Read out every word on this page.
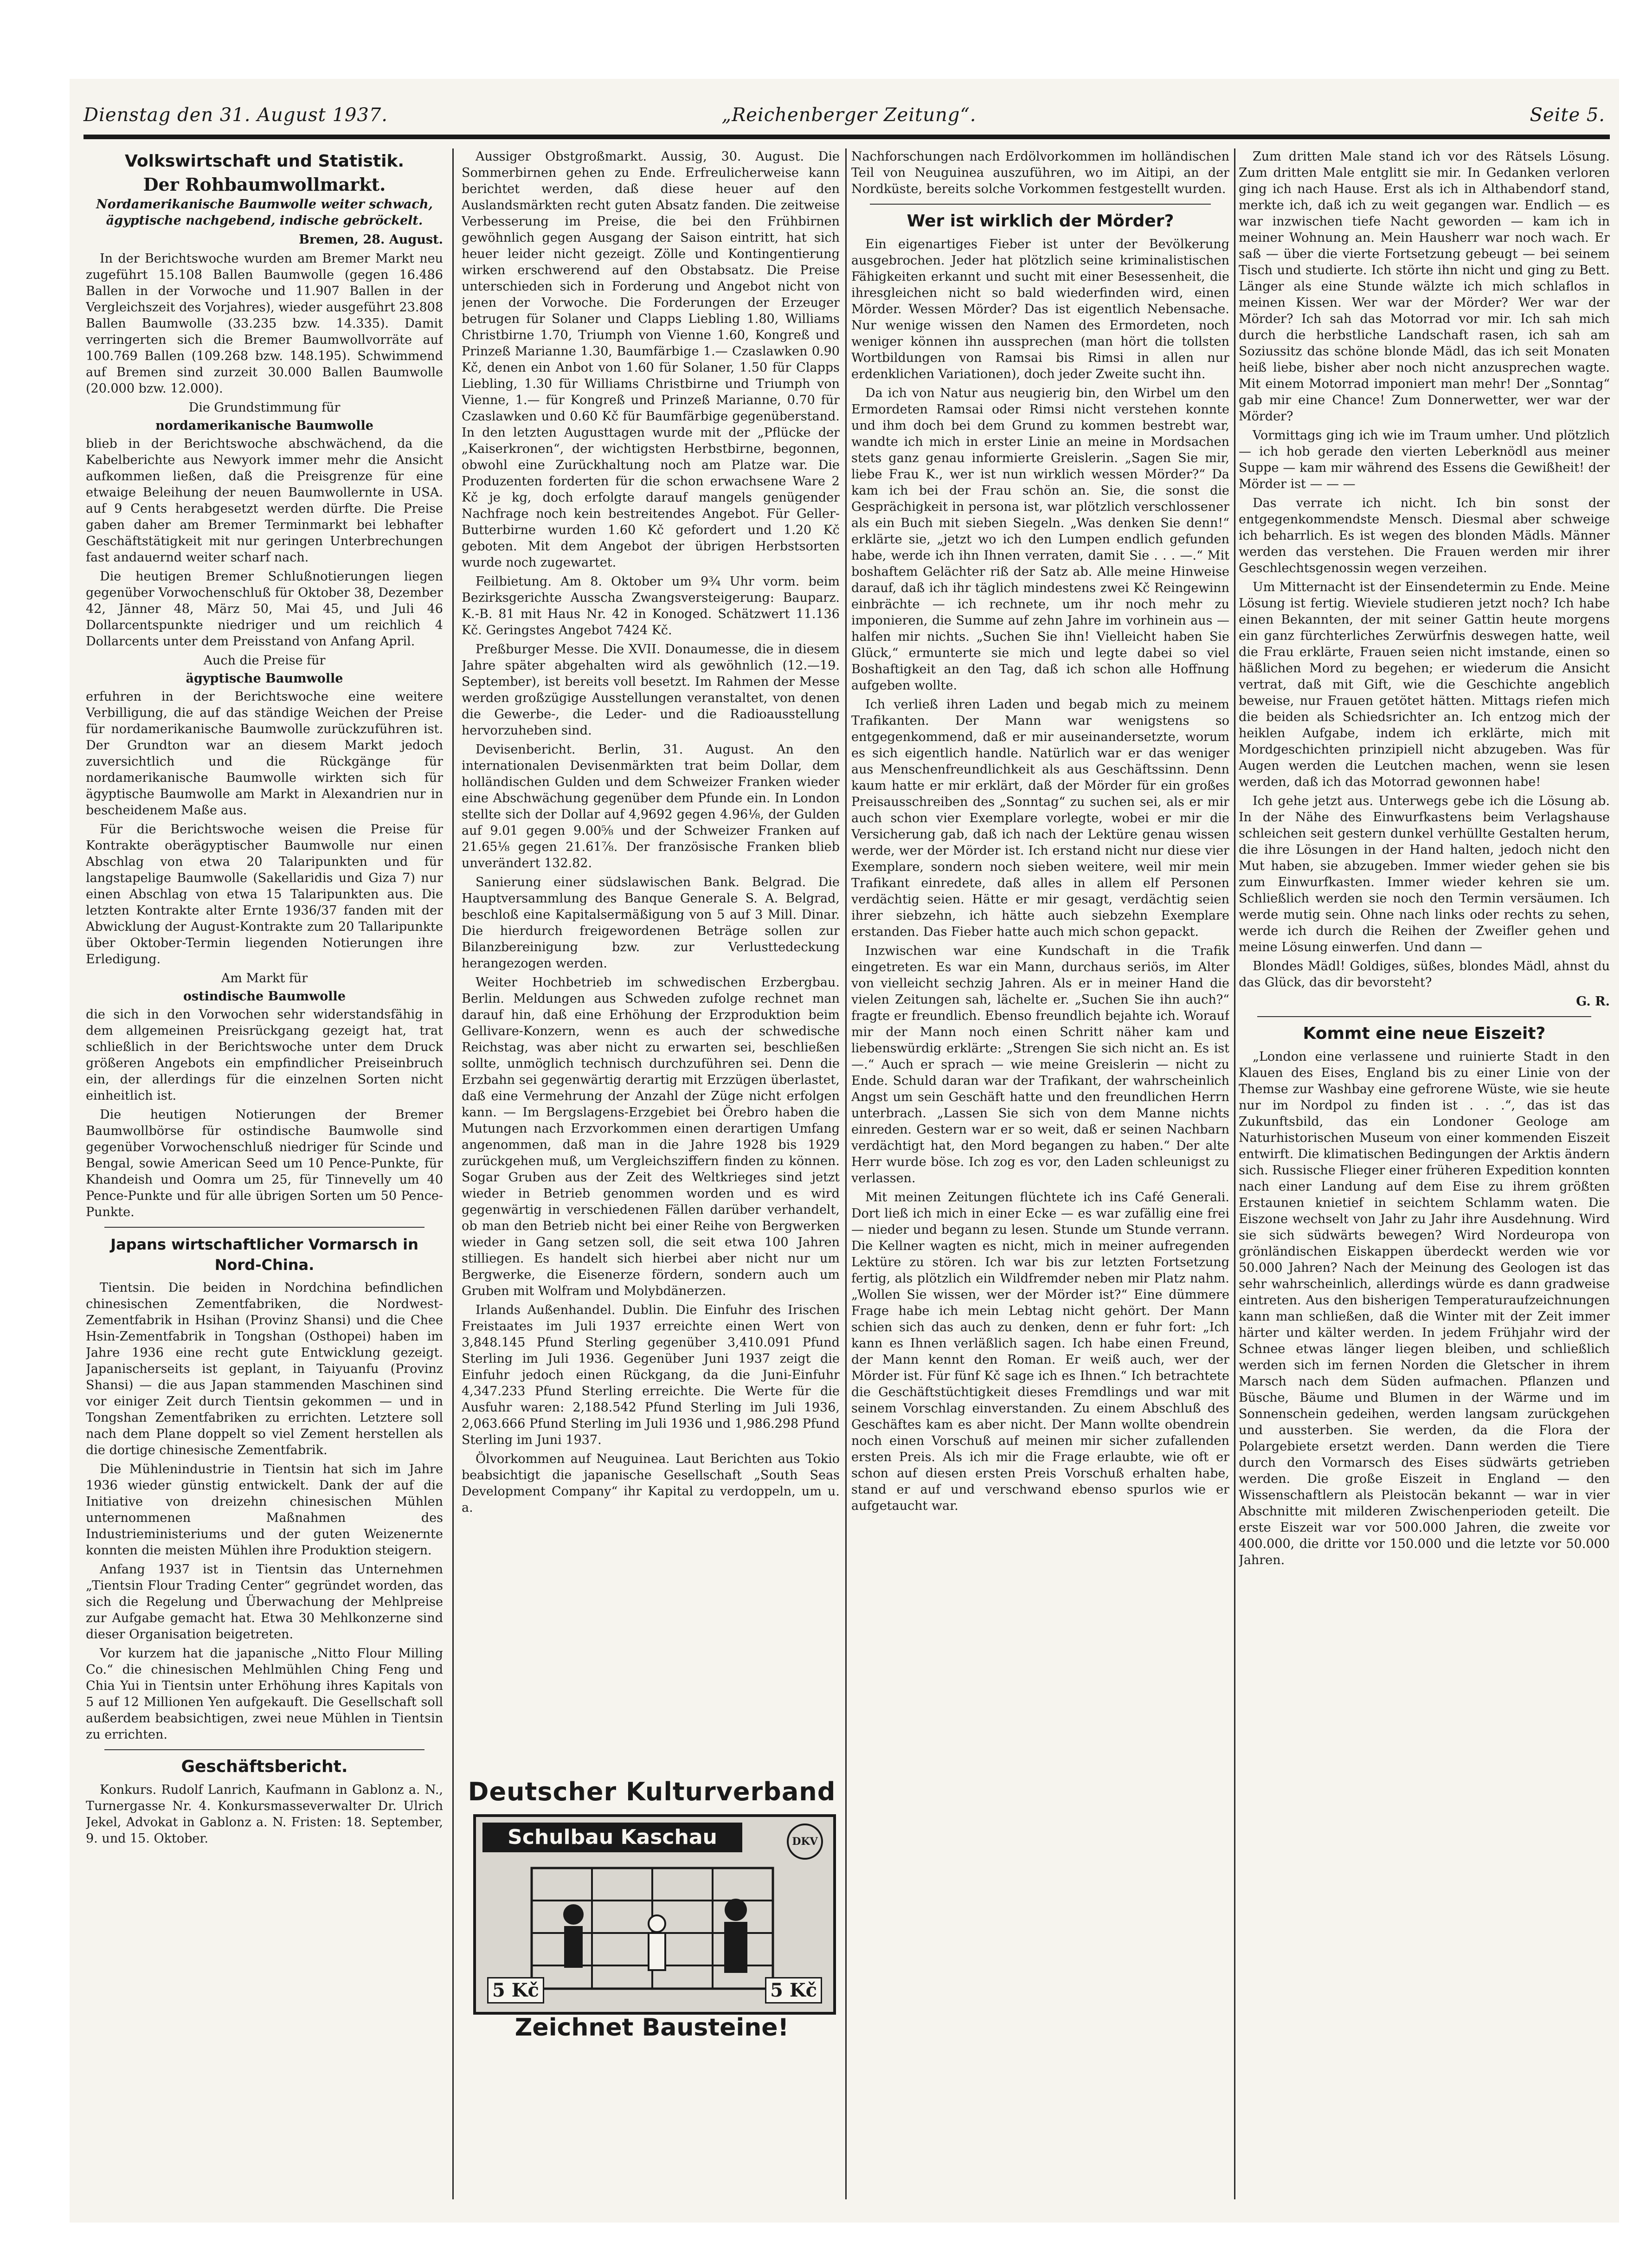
Dienstag den 31. August 1937.	„Reichenberger Zeitung“.	Seite 5.
Volkswirtschaft und Statistik.
Der Rohbaumwollmarkt.
Nordamerikanische Baumwolle weiter schwach, ägyptische nachgebend, indische gebröckelt.
Bremen, 28. August.

In der Berichtswoche wurden am Bremer Markt neu zugeführt 15.108 Ballen Baumwolle (gegen 16.486 Ballen in der Vorwoche und 11.907 Ballen in der Vergleichszeit des Vorjahres), wieder ausgeführt 23.808 Ballen Baumwolle (33.235 bzw. 14.335). Damit verringerten sich die Bremer Baumwollvorräte auf 100.769 Ballen (109.268 bzw. 148.195). Schwimmend auf Bremen sind zurzeit 30.000 Ballen Baumwolle (20.000 bzw. 12.000).

Die Grundstimmung für
nordamerikanische Baumwolle

blieb in der Berichtswoche abschwächend, da die Kabelberichte aus Newyork immer mehr die Ansicht aufkommen ließen, daß die Preisgrenze für eine etwaige Beleihung der neuen Baumwollernte in USA. auf 9 Cents herabgesetzt werden dürfte. Die Preise gaben daher am Bremer Terminmarkt bei lebhafter Geschäftstätigkeit mit nur geringen Unterbrechungen fast andauernd weiter scharf nach.

Die heutigen Bremer Schlußnotierungen liegen gegenüber Vorwochenschluß für Oktober 38, Dezember 42, Jänner 48, März 50, Mai 45, und Juli 46 Dollarcentspunkte niedriger und um reichlich 4 Dollarcents unter dem Preisstand von Anfang April.

Auch die Preise für
ägyptische Baumwolle

erfuhren in der Berichtswoche eine weitere Verbilligung, die auf das ständige Weichen der Preise für nordamerikanische Baumwolle zurückzuführen ist. Der Grundton war an diesem Markt jedoch zuversichtlich und die Rückgänge für nordamerikanische Baumwolle wirkten sich für ägyptische Baumwolle am Markt in Alexandrien nur in bescheidenem Maße aus.

Für die Berichtswoche weisen die Preise für Kontrakte oberägyptischer Baumwolle nur einen Abschlag von etwa 20 Talaripunkten und für langstapelige Baumwolle (Sakellaridis und Giza 7) nur einen Abschlag von etwa 15 Talaripunkten aus. Die letzten Kontrakte alter Ernte 1936/37 fanden mit der Abwicklung der August-Kontrakte zum 20 Tallaripunkte über Oktober-Termin liegenden Notierungen ihre Erledigung.

Am Markt für
ostindische Baumwolle

die sich in den Vorwochen sehr widerstandsfähig in dem allgemeinen Preisrückgang gezeigt hat, trat schließlich in der Berichtswoche unter dem Druck größeren Angebots ein empfindlicher Preiseinbruch ein, der allerdings für die einzelnen Sorten nicht einheitlich ist.

Die heutigen Notierungen der Bremer Baumwollbörse für ostindische Baumwolle sind gegenüber Vorwochenschluß niedriger für Scinde und Bengal, sowie American Seed um 10 Pence-Punkte, für Khandeish und Oomra um 25, für Tinnevelly um 40 Pence-Punkte und für alle übrigen Sorten um 50 Pence-Punkte.

Japans wirtschaftlicher Vormarsch in Nord-China.

Tientsin. Die beiden in Nordchina befindlichen chinesischen Zementfabriken, die Nordwest-Zementfabrik in Hsihan (Provinz Shansi) und die Chee Hsin-Zementfabrik in Tongshan (Osthopei) haben im Jahre 1936 eine recht gute Entwicklung gezeigt. Japanischerseits ist geplant, in Taiyuanfu (Provinz Shansi) — die aus Japan stammenden Maschinen sind vor einiger Zeit durch Tientsin gekommen — und in Tongshan Zementfabriken zu errichten. Letztere soll nach dem Plane doppelt so viel Zement herstellen als die dortige chinesische Zementfabrik.

Die Mühlenindustrie in Tientsin hat sich im Jahre 1936 wieder günstig entwickelt. Dank der auf die Initiative von dreizehn chinesischen Mühlen unternommenen Maßnahmen des Industrieministeriums und der guten Weizenernte konnten die meisten Mühlen ihre Produktion steigern.

Anfang 1937 ist in Tientsin das Unternehmen „Tientsin Flour Trading Center“ gegründet worden, das sich die Regelung und Überwachung der Mehlpreise zur Aufgabe gemacht hat. Etwa 30 Mehlkonzerne sind dieser Organisation beigetreten.

Vor kurzem hat die japanische „Nitto Flour Milling Co.“ die chinesischen Mehlmühlen Ching Feng und Chia Yui in Tientsin unter Erhöhung ihres Kapitals von 5 auf 12 Millionen Yen aufgekauft. Die Gesellschaft soll außerdem beabsichtigen, zwei neue Mühlen in Tientsin zu errichten.

Geschäftsbericht.

Konkurs. Rudolf Lanrich, Kaufmann in Gablonz a. N., Turnergasse Nr. 4. Konkursmasseverwalter Dr. Ulrich Jekel, Advokat in Gablonz a. N. Fristen: 18. September, 9. und 15. Oktober.

Aussiger Obstgroßmarkt. Aussig, 30. August. Die Sommerbirnen gehen zu Ende. Erfreulicherweise kann berichtet werden, daß diese heuer auf den Auslandsmärkten recht guten Absatz fanden. Die zeitweise Verbesserung im Preise, die bei den Frühbirnen gewöhnlich gegen Ausgang der Saison eintritt, hat sich heuer leider nicht gezeigt. Zölle und Kontingentierung wirken erschwerend auf den Obstabsatz. Die Preise unterschieden sich in Forderung und Angebot nicht von jenen der Vorwoche. Die Forderungen der Erzeuger betrugen für Solaner und Clapps Liebling 1.80, Williams Christbirne 1.70, Triumph von Vienne 1.60, Kongreß und Prinzeß Marianne 1.30, Baumfärbige 1.— Czaslawken 0.90 Kč, denen ein Anbot von 1.60 für Solaner, 1.50 für Clapps Liebling, 1.30 für Williams Christbirne und Triumph von Vienne, 1.— für Kongreß und Prinzeß Marianne, 0.70 für Czaslawken und 0.60 Kč für Baumfärbige gegenüberstand. In den letzten Augusttagen wurde mit der „Pflücke der „Kaiserkronen“, der wichtigsten Herbstbirne, begonnen, obwohl eine Zurückhaltung noch am Platze war. Die Produzenten forderten für die schon erwachsene Ware 2 Kč je kg, doch erfolgte darauf mangels genügender Nachfrage noch kein bestreitendes Angebot. Für Geller-Butterbirne wurden 1.60 Kč gefordert und 1.20 Kč geboten. Mit dem Angebot der übrigen Herbstsorten wurde noch zugewartet.

Feilbietung. Am 8. Oktober um 9¾ Uhr vorm. beim Bezirksgerichte Ausscha Zwangsversteigerung: Bauparz. K.-B. 81 mit Haus Nr. 42 in Konoged. Schätzwert 11.136 Kč. Geringstes Angebot 7424 Kč.

Preßburger Messe. Die XVII. Donaumesse, die in diesem Jahre später abgehalten wird als gewöhnlich (12.—19. September), ist bereits voll besetzt. Im Rahmen der Messe werden großzügige Ausstellungen veranstaltet, von denen die Gewerbe-, die Leder- und die Radioausstellung hervorzuheben sind.

Devisenbericht. Berlin, 31. August. An den internationalen Devisenmärkten trat beim Dollar, dem holländischen Gulden und dem Schweizer Franken wieder eine Abschwächung gegenüber dem Pfunde ein. In London stellte sich der Dollar auf 4,9692 gegen 4.96⅛, der Gulden auf 9.01 gegen 9.00⅝ und der Schweizer Franken auf 21.65⅛ gegen 21.61⅞. Der französische Franken blieb unverändert 132.82.

Sanierung einer südslawischen Bank. Belgrad. Die Hauptversammlung des Banque Generale S. A. Belgrad, beschloß eine Kapitalsermäßigung von 5 auf 3 Mill. Dinar. Die hierdurch freigewordenen Beträge sollen zur Bilanzbereinigung bzw. zur Verlusttedeckung herangezogen werden.

Weiter Hochbetrieb im schwedischen Erzbergbau. Berlin. Meldungen aus Schweden zufolge rechnet man darauf hin, daß eine Erhöhung der Erzproduktion beim Gellivare-Konzern, wenn es auch der schwedische Reichstag, was aber nicht zu erwarten sei, beschließen sollte, unmöglich technisch durchzuführen sei. Denn die Erzbahn sei gegenwärtig derartig mit Erzzügen überlastet, daß eine Vermehrung der Anzahl der Züge nicht erfolgen kann. — Im Bergslagens-Erzgebiet bei Örebro haben die Mutungen nach Erzvorkommen einen derartigen Umfang angenommen, daß man in die Jahre 1928 bis 1929 zurückgehen muß, um Vergleichsziffern finden zu können. Sogar Gruben aus der Zeit des Weltkrieges sind jetzt wieder in Betrieb genommen worden und es wird gegenwärtig in verschiedenen Fällen darüber verhandelt, ob man den Betrieb nicht bei einer Reihe von Bergwerken wieder in Gang setzen soll, die seit etwa 100 Jahren stilliegen. Es handelt sich hierbei aber nicht nur um Bergwerke, die Eisenerze fördern, sondern auch um Gruben mit Wolfram und Molybdänerzen.

Irlands Außenhandel. Dublin. Die Einfuhr des Irischen Freistaates im Juli 1937 erreichte einen Wert von 3,848.145 Pfund Sterling gegenüber 3,410.091 Pfund Sterling im Juli 1936. Gegenüber Juni 1937 zeigt die Einfuhr jedoch einen Rückgang, da die Juni-Einfuhr 4,347.233 Pfund Sterling erreichte. Die Werte für die Ausfuhr waren: 2,188.542 Pfund Sterling im Juli 1936, 2,063.666 Pfund Sterling im Juli 1936 und 1,986.298 Pfund Sterling im Juni 1937.

Ölvorkommen auf Neuguinea. Laut Berichten aus Tokio beabsichtigt die japanische Gesellschaft „South Seas Development Company“ ihr Kapital zu verdoppeln, um u. a.

Deutscher Kulturverband
Schulbau Kaschau	DKV
5 Kč	5 Kč
Zeichnet Bausteine!

Nachforschungen nach Erdölvorkommen im holländischen Teil von Neuguinea auszuführen, wo im Aitipi, an der Nordküste, bereits solche Vorkommen festgestellt wurden.

Wer ist wirklich der Mörder?

Ein eigenartiges Fieber ist unter der Bevölkerung ausgebrochen. Jeder hat plötzlich seine kriminalistischen Fähigkeiten erkannt und sucht mit einer Besessenheit, die ihresgleichen nicht so bald wiederfinden wird, einen Mörder. Wessen Mörder? Das ist eigentlich Nebensache. Nur wenige wissen den Namen des Ermordeten, noch weniger können ihn aussprechen (man hört die tollsten Wortbildungen von Ramsai bis Rimsi in allen nur erdenklichen Variationen), doch jeder Zweite sucht ihn.

Da ich von Natur aus neugierig bin, den Wirbel um den Ermordeten Ramsai oder Rimsi nicht verstehen konnte und ihm doch bei dem Grund zu kommen bestrebt war, wandte ich mich in erster Linie an meine in Mordsachen stets ganz genau informierte Greislerin. „Sagen Sie mir, liebe Frau K., wer ist nun wirklich wessen Mörder?“ Da kam ich bei der Frau schön an. Sie, die sonst die Gesprächigkeit in persona ist, war plötzlich verschlossener als ein Buch mit sieben Siegeln. „Was denken Sie denn!“ erklärte sie, „jetzt wo ich den Lumpen endlich gefunden habe, werde ich ihn Ihnen verraten, damit Sie . . . —.“ Mit boshaftem Gelächter riß der Satz ab. Alle meine Hinweise darauf, daß ich ihr täglich mindestens zwei Kč Reingewinn einbrächte — ich rechnete, um ihr noch mehr zu imponieren, die Summe auf zehn Jahre im vorhinein aus — halfen mir nichts. „Suchen Sie ihn! Vielleicht haben Sie Glück,“ ermunterte sie mich und legte dabei so viel Boshaftigkeit an den Tag, daß ich schon alle Hoffnung aufgeben wollte.

Ich verließ ihren Laden und begab mich zu meinem Trafikanten. Der Mann war wenigstens so entgegenkommend, daß er mir auseinandersetzte, worum es sich eigentlich handle. Natürlich war er das weniger aus Menschenfreundlichkeit als aus Geschäftssinn. Denn kaum hatte er mir erklärt, daß der Mörder für ein großes Preisausschreiben des „Sonntag“ zu suchen sei, als er mir auch schon vier Exemplare vorlegte, wobei er mir die Versicherung gab, daß ich nach der Lektüre genau wissen werde, wer der Mörder ist. Ich erstand nicht nur diese vier Exemplare, sondern noch sieben weitere, weil mir mein Trafikant einredete, daß alles in allem elf Personen verdächtig seien. Hätte er mir gesagt, verdächtig seien ihrer siebzehn, ich hätte auch siebzehn Exemplare erstanden. Das Fieber hatte auch mich schon gepackt.

Inzwischen war eine Kundschaft in die Trafik eingetreten. Es war ein Mann, durchaus seriös, im Alter von vielleicht sechzig Jahren. Als er in meiner Hand die vielen Zeitungen sah, lächelte er. „Suchen Sie ihn auch?“ fragte er freundlich. Ebenso freundlich bejahte ich. Worauf mir der Mann noch einen Schritt näher kam und liebenswürdig erklärte: „Strengen Sie sich nicht an. Es ist —.“ Auch er sprach — wie meine Greislerin — nicht zu Ende. Schuld daran war der Trafikant, der wahrscheinlich Angst um sein Geschäft hatte und den freundlichen Herrn unterbrach. „Lassen Sie sich von dem Manne nichts einreden. Gestern war er so weit, daß er seinen Nachbarn verdächtigt hat, den Mord begangen zu haben.“ Der alte Herr wurde böse. Ich zog es vor, den Laden schleunigst zu verlassen.

Mit meinen Zeitungen flüchtete ich ins Café Generali. Dort ließ ich mich in einer Ecke — es war zufällig eine frei — nieder und begann zu lesen. Stunde um Stunde verrann. Die Kellner wagten es nicht, mich in meiner aufregenden Lektüre zu stören. Ich war bis zur letzten Fortsetzung fertig, als plötzlich ein Wildfremder neben mir Platz nahm. „Wollen Sie wissen, wer der Mörder ist?“ Eine dümmere Frage habe ich mein Lebtag nicht gehört. Der Mann schien sich das auch zu denken, denn er fuhr fort: „Ich kann es Ihnen verläßlich sagen. Ich habe einen Freund, der Mann kennt den Roman. Er weiß auch, wer der Mörder ist. Für fünf Kč sage ich es Ihnen.“ Ich betrachtete die Geschäftstüchtigkeit dieses Fremdlings und war mit seinem Vorschlag einverstanden. Zu einem Abschluß des Geschäftes kam es aber nicht. Der Mann wollte obendrein noch einen Vorschuß auf meinen mir sicher zufallenden ersten Preis. Als ich mir die Frage erlaubte, wie oft er schon auf diesen ersten Preis Vorschuß erhalten habe, stand er auf und verschwand ebenso spurlos wie er aufgetaucht war.

Zum dritten Male stand ich vor des Rätsels Lösung. Zum dritten Male entglitt sie mir. In Gedanken verloren ging ich nach Hause. Erst als ich in Althabendorf stand, merkte ich, daß ich zu weit gegangen war. Endlich — es war inzwischen tiefe Nacht geworden — kam ich in meiner Wohnung an. Mein Hausherr war noch wach. Er saß — über die vierte Fortsetzung gebeugt — bei seinem Tisch und studierte. Ich störte ihn nicht und ging zu Bett. Länger als eine Stunde wälzte ich mich schlaflos in meinen Kissen. Wer war der Mörder? Wer war der Mörder? Ich sah das Motorrad vor mir. Ich sah mich durch die herbstliche Landschaft rasen, ich sah am Soziussitz das schöne blonde Mädl, das ich seit Monaten heiß liebe, bisher aber noch nicht anzusprechen wagte. Mit einem Motorrad imponiert man mehr! Der „Sonntag“ gab mir eine Chance! Zum Donnerwetter, wer war der Mörder?

Vormittags ging ich wie im Traum umher. Und plötzlich — ich hob gerade den vierten Leberknödl aus meiner Suppe — kam mir während des Essens die Gewißheit! der Mörder ist — — —

Das verrate ich nicht. Ich bin sonst der entgegenkommendste Mensch. Diesmal aber schweige ich beharrlich. Es ist wegen des blonden Mädls. Männer werden das verstehen. Die Frauen werden mir ihrer Geschlechtsgenossin wegen verzeihen.

Um Mitternacht ist der Einsendetermin zu Ende. Meine Lösung ist fertig. Wieviele studieren jetzt noch? Ich habe einen Bekannten, der mit seiner Gattin heute morgens ein ganz fürchterliches Zerwürfnis deswegen hatte, weil die Frau erklärte, Frauen seien nicht imstande, einen so häßlichen Mord zu begehen; er wiederum die Ansicht vertrat, daß mit Gift, wie die Geschichte angeblich beweise, nur Frauen getötet hätten. Mittags riefen mich die beiden als Schiedsrichter an. Ich entzog mich der heiklen Aufgabe, indem ich erklärte, mich mit Mordgeschichten prinzipiell nicht abzugeben. Was für Augen werden die Leutchen machen, wenn sie lesen werden, daß ich das Motorrad gewonnen habe!

Ich gehe jetzt aus. Unterwegs gebe ich die Lösung ab. In der Nähe des Einwurfkastens beim Verlagshause schleichen seit gestern dunkel verhüllte Gestalten herum, die ihre Lösungen in der Hand halten, jedoch nicht den Mut haben, sie abzugeben. Immer wieder gehen sie bis zum Einwurfkasten. Immer wieder kehren sie um. Schließlich werden sie noch den Termin versäumen. Ich werde mutig sein. Ohne nach links oder rechts zu sehen, werde ich durch die Reihen der Zweifler gehen und meine Lösung einwerfen. Und dann —

Blondes Mädl! Goldiges, süßes, blondes Mädl, ahnst du das Glück, das dir bevorsteht?

G. R.
Kommt eine neue Eiszeit?

„London eine verlassene und ruinierte Stadt in den Klauen des Eises, England bis zu einer Linie von der Themse zur Washbay eine gefrorene Wüste, wie sie heute nur im Nordpol zu finden ist . . .“, das ist das Zukunftsbild, das ein Londoner Geologe am Naturhistorischen Museum von einer kommenden Eiszeit entwirft. Die klimatischen Bedingungen der Arktis ändern sich. Russische Flieger einer früheren Expedition konnten nach einer Landung auf dem Eise zu ihrem größten Erstaunen knietief in seichtem Schlamm waten. Die Eiszone wechselt von Jahr zu Jahr ihre Ausdehnung. Wird sie sich südwärts bewegen? Wird Nordeuropa von grönländischen Eiskappen überdeckt werden wie vor 50.000 Jahren? Nach der Meinung des Geologen ist das sehr wahrscheinlich, allerdings würde es dann gradweise eintreten. Aus den bisherigen Temperaturaufzeichnungen kann man schließen, daß die Winter mit der Zeit immer härter und kälter werden. In jedem Frühjahr wird der Schnee etwas länger liegen bleiben, und schließlich werden sich im fernen Norden die Gletscher in ihrem Marsch nach dem Süden aufmachen. Pflanzen und Büsche, Bäume und Blumen in der Wärme und im Sonnenschein gedeihen, werden langsam zurückgehen und aussterben. Sie werden, da die Flora der Polargebiete ersetzt werden. Dann werden die Tiere durch den Vormarsch des Eises südwärts getrieben werden. Die große Eiszeit in England — den Wissenschaftlern als Pleistocän bekannt — war in vier Abschnitte mit milderen Zwischenperioden geteilt. Die erste Eiszeit war vor 500.000 Jahren, die zweite vor 400.000, die dritte vor 150.000 und die letzte vor 50.000 Jahren.
